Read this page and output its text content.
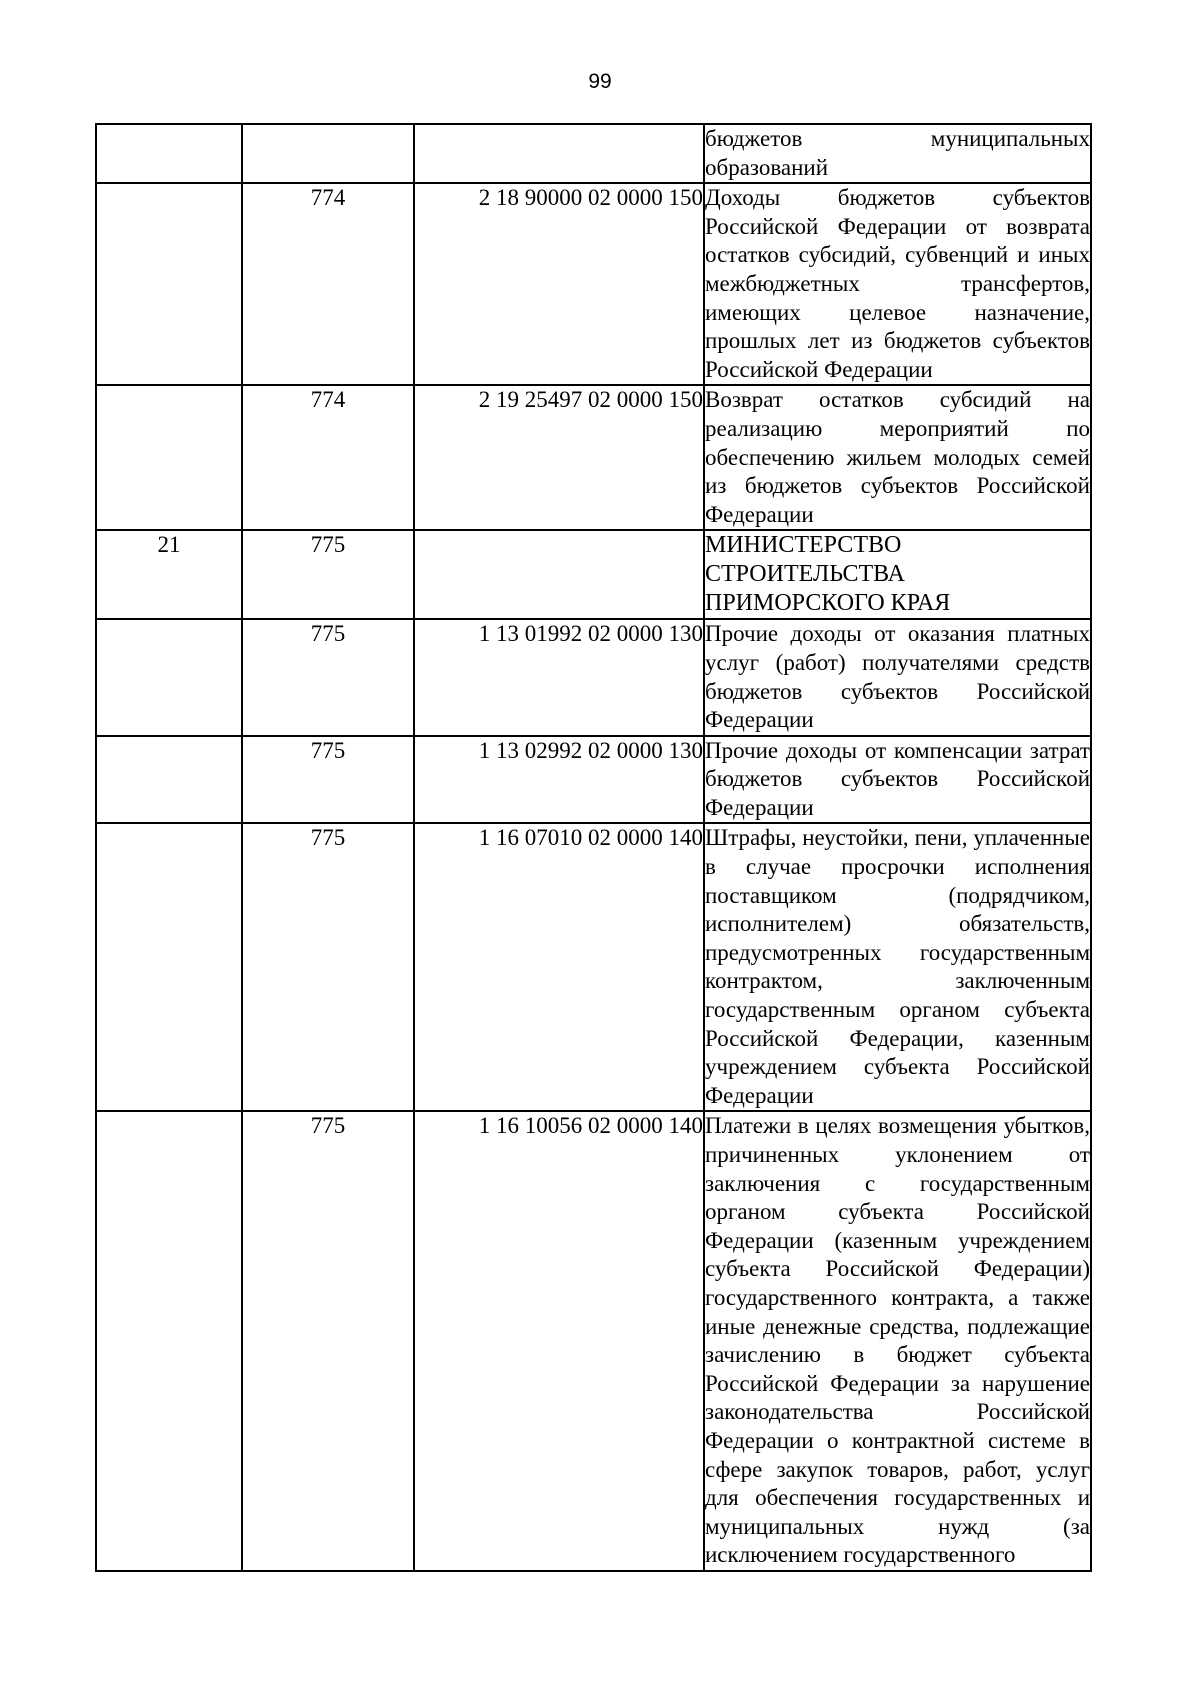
99
			бюджетов муниципальных образований
	774	2 18 90000 02 0000 150	Доходы бюджетов субъектов Российской Федерации от возврата остатков субсидий, субвенций и иных межбюджетных трансфертов, имеющих целевое назначение, прошлых лет из бюджетов субъектов Российской Федерации
	774	2 19 25497 02 0000 150	Возврат остатков субсидий на реализацию мероприятий по обеспечению жильем молодых семей из бюджетов субъектов Российской Федерации
21	775		МИНИСТЕРСТВО СТРОИТЕЛЬСТВА ПРИМОРСКОГО КРАЯ
	775	1 13 01992 02 0000 130	Прочие доходы от оказания платных услуг (работ) получателями средств бюджетов субъектов Российской Федерации
	775	1 13 02992 02 0000 130	Прочие доходы от компенсации затрат бюджетов субъектов Российской Федерации
	775	1 16 07010 02 0000 140	Штрафы, неустойки, пени, уплаченные в случае просрочки исполнения поставщиком (подрядчиком, исполнителем) обязательств, предусмотренных государственным контрактом, заключенным государственным органом субъекта Российской Федерации, казенным учреждением субъекта Российской Федерации
	775	1 16 10056 02 0000 140	Платежи в целях возмещения убытков, причиненных уклонением от заключения с государственным органом субъекта Российской Федерации (казенным учреждением субъекта Российской Федерации) государственного контракта, а также иные денежные средства, подлежащие зачислению в бюджет субъекта Российской Федерации за нарушение законодательства Российской Федерации о контрактной системе в сфере закупок товаров, работ, услуг для обеспечения государственных и муниципальных нужд (за исключением государственного
